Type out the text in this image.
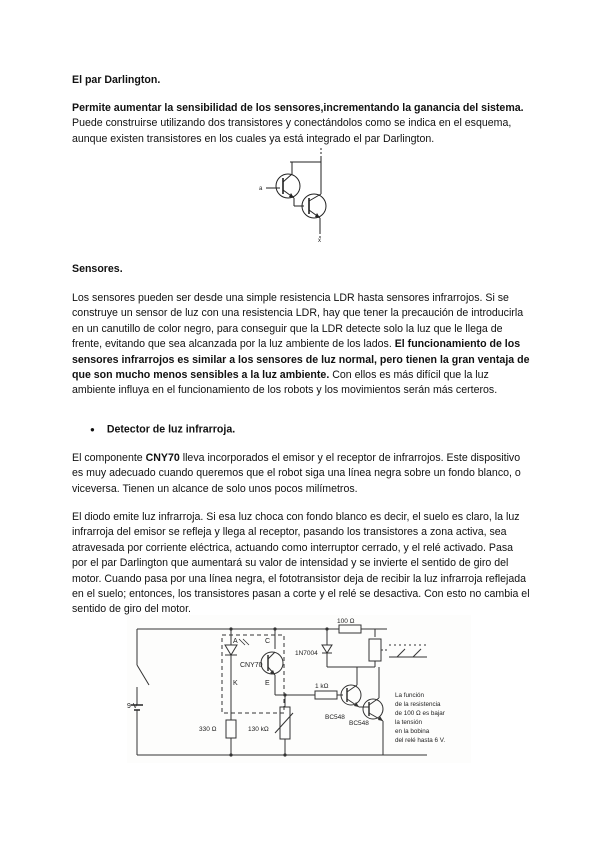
El par Darlington.

Permite aumentar la sensibilidad de los sensores,incrementando la ganancia del sistema. Puede construirse utilizando dos transistores y conectándolos como se indica en el esquema, aunque existen transistores en los cuales ya está integrado el par Darlington.

a
x

Sensores.

Los sensores pueden ser desde una simple resistencia LDR hasta sensores infrarrojos. Si se construye un sensor de luz con una resistencia LDR, hay que tener la precaución de introducirla en un canutillo de color negro, para conseguir que la LDR detecte solo la luz que le llega de frente, evitando que sea alcanzada por la luz ambiente de los lados. El funcionamiento de los sensores infrarrojos es similar a los sensores de luz normal, pero tienen la gran ventaja de que son mucho menos sensibles a la luz ambiente. Con ellos es más difícil que la luz ambiente influya en el funcionamiento de los robots y los movimientos serán más certeros.

● Detector de luz infrarroja.

El componente CNY70 lleva incorporados el emisor y el receptor de infrarrojos. Este dispositivo es muy adecuado cuando queremos que el robot siga una línea negra sobre un fondo blanco, o viceversa. Tienen un alcance de solo unos pocos milímetros.

El diodo emite luz infrarroja. Si esa luz choca con fondo blanco es decir, el suelo es claro, la luz infrarroja del emisor se refleja y llega al receptor, pasando los transistores a zona activa, sea atravesada por corriente eléctrica, actuando como interruptor cerrado, y el relé activado. Pasa por el par Darlington que aumentará su valor de intensidad y se invierte el sentido de giro del motor. Cuando pasa por una línea negra, el fototransistor deja de recibir la luz infrarroja reflejada en el suelo; entonces, los transistores pasan a corte y el relé se desactiva. Con esto no cambia el sentido de giro del motor.

9 V
A
K
C
E
CNY70
330 Ω	130 kΩ
1N7004
100 Ω
1 kΩ
BC548
BC548
La función
de la resistencia
de 100 Ω es bajar
la tensión
en la bobina
del relé hasta 6 V.
